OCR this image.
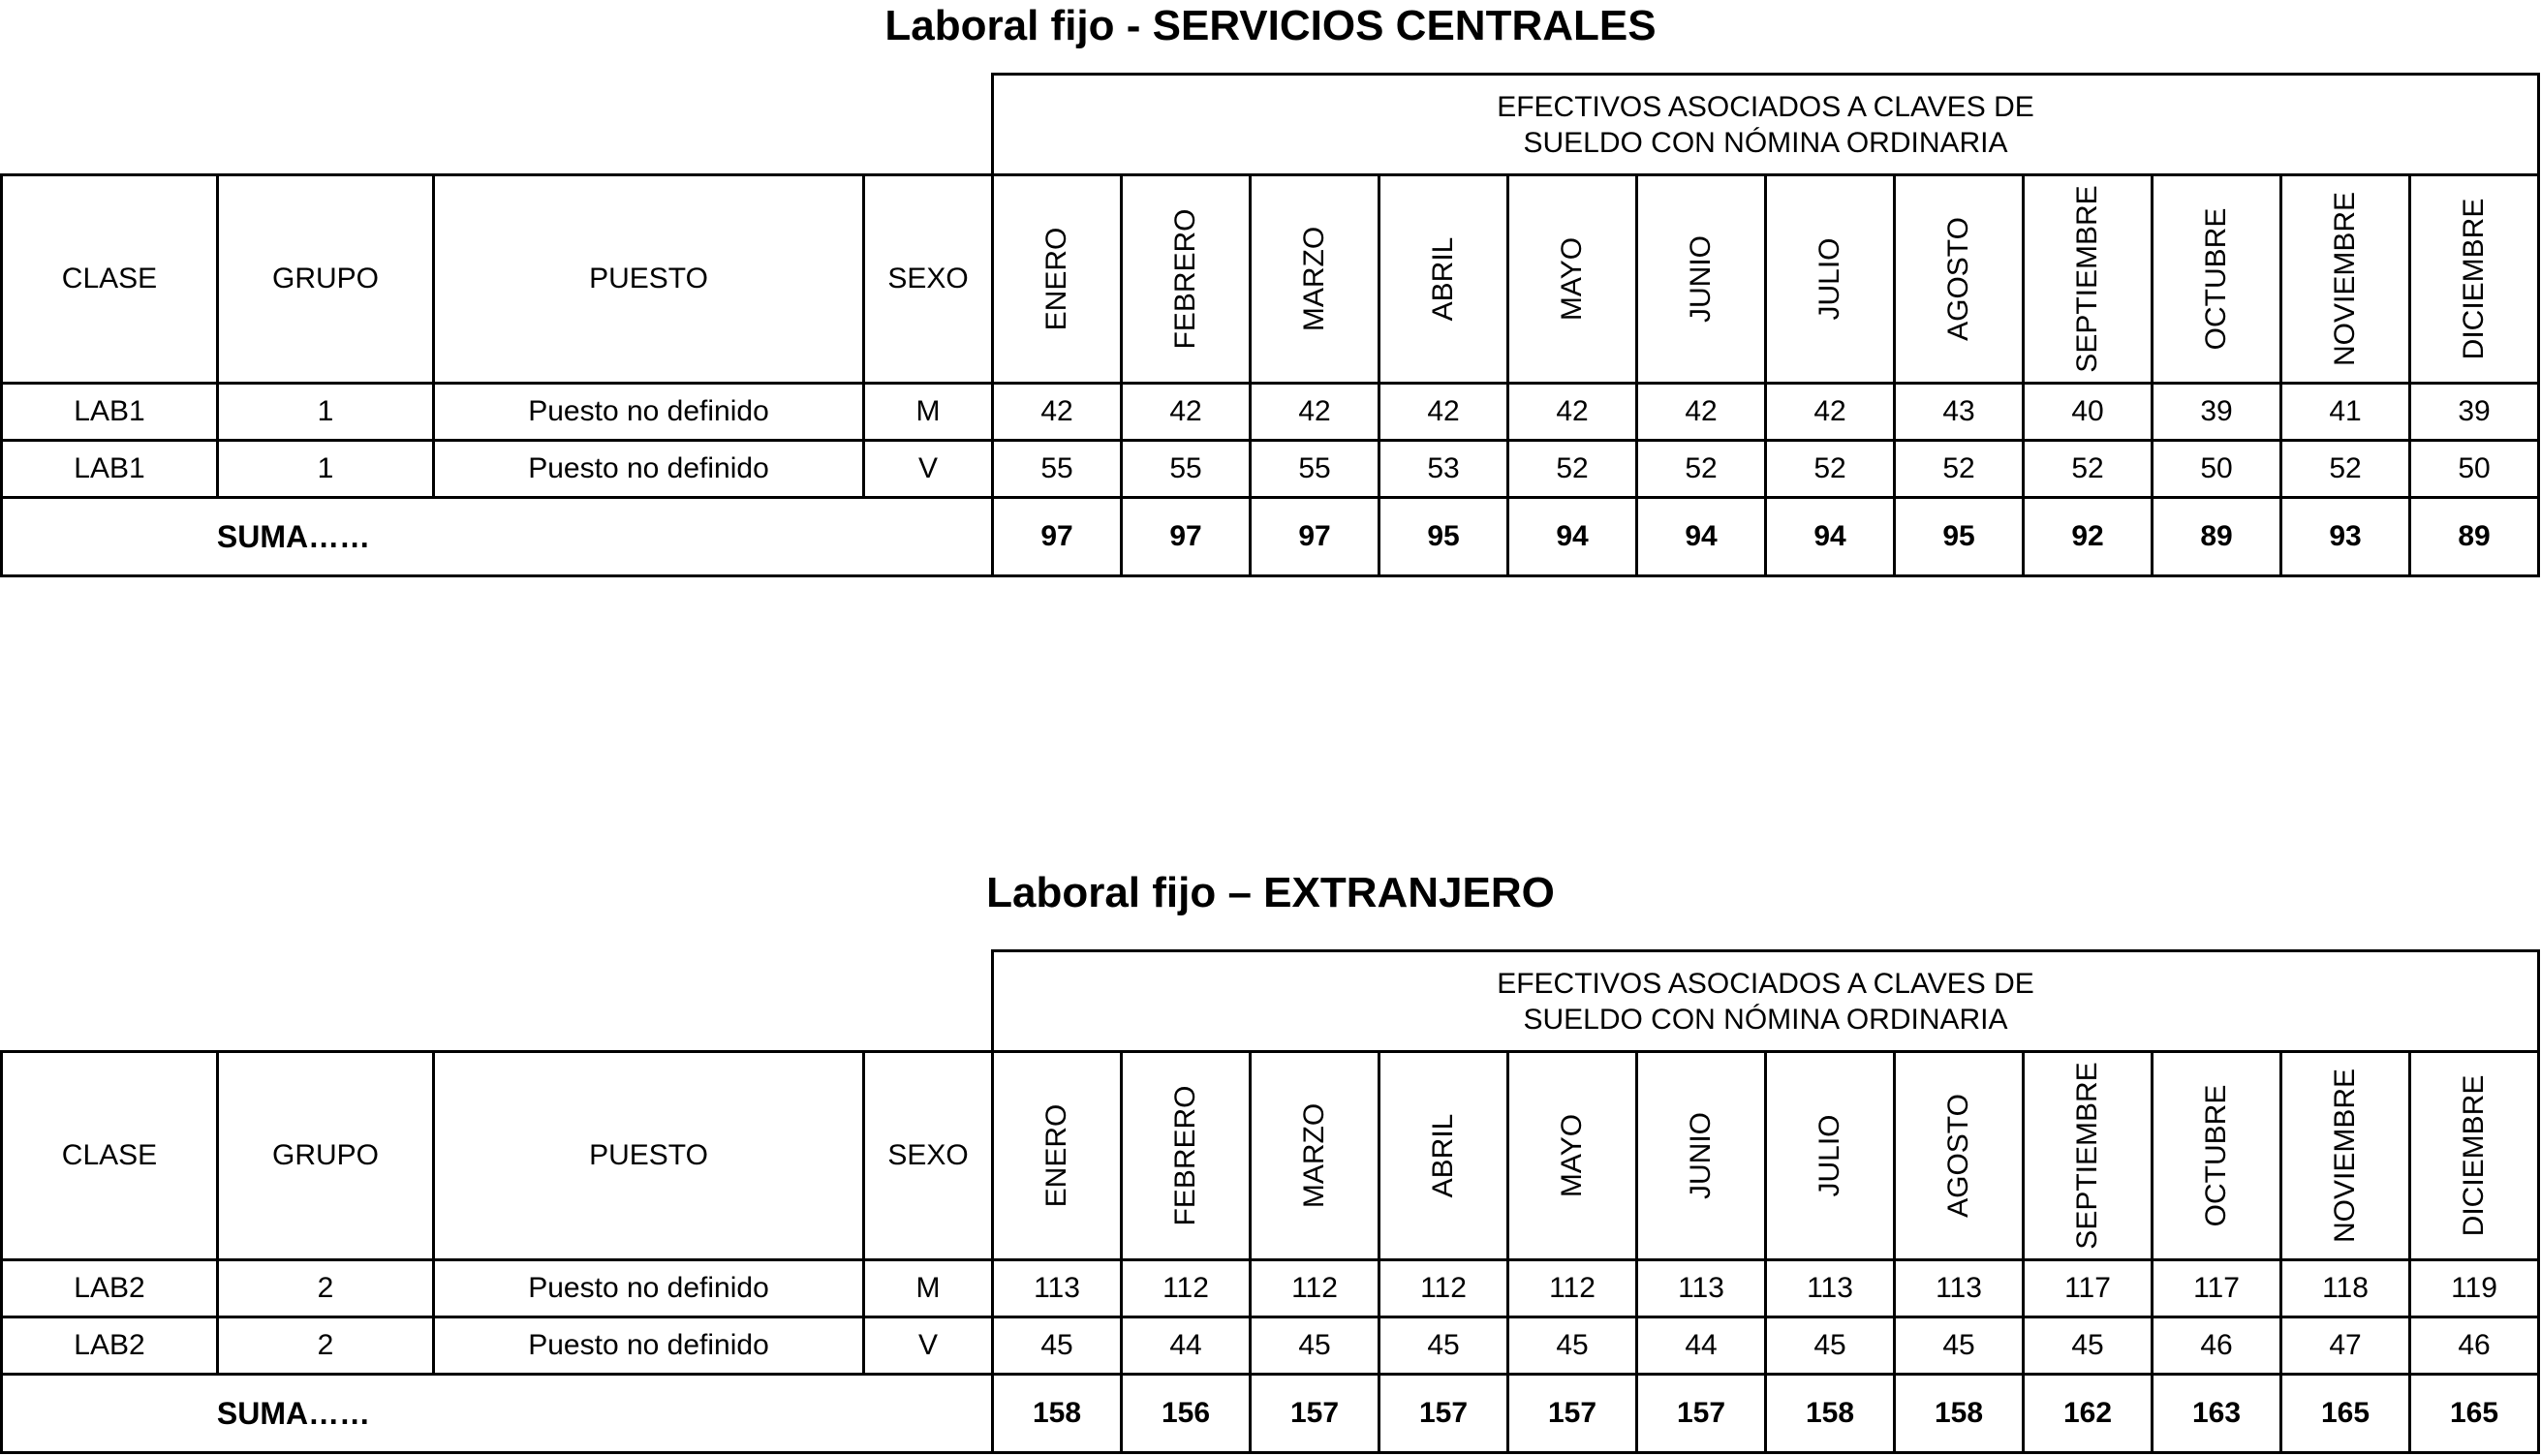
Laboral fijo - SERVICIOS CENTRALES

				EFECTIVOS ASOCIADOS A CLAVES DE
SUELDO CON NÓMINA ORDINARIA											

CLASE	GRUPO	PUESTO	SEXO	ENERO	FEBRERO	MARZO	ABRIL	MAYO	JUNIO	JULIO	AGOSTO	SEPTIEMBRE	OCTUBRE	NOVIEMBRE	DICIEMBRE

LAB1	1	Puesto no definido	M	42	42	42	42	42	42	42	43	40	39	41	39
LAB1	1	Puesto no definido	V	55	55	55	53	52	52	52	52	52	50	52	50
SUMA……				97	97	97	95	94	94	94	95	92	89	93	89
Laboral fijo – EXTRANJERO

				EFECTIVOS ASOCIADOS A CLAVES DE
SUELDO CON NÓMINA ORDINARIA											

CLASE	GRUPO	PUESTO	SEXO	ENERO	FEBRERO	MARZO	ABRIL	MAYO	JUNIO	JULIO	AGOSTO	SEPTIEMBRE	OCTUBRE	NOVIEMBRE	DICIEMBRE

LAB2	2	Puesto no definido	M	113	112	112	112	112	113	113	113	117	117	118	119
LAB2	2	Puesto no definido	V	45	44	45	45	45	44	45	45	45	46	47	46
SUMA……				158	156	157	157	157	157	158	158	162	163	165	165
